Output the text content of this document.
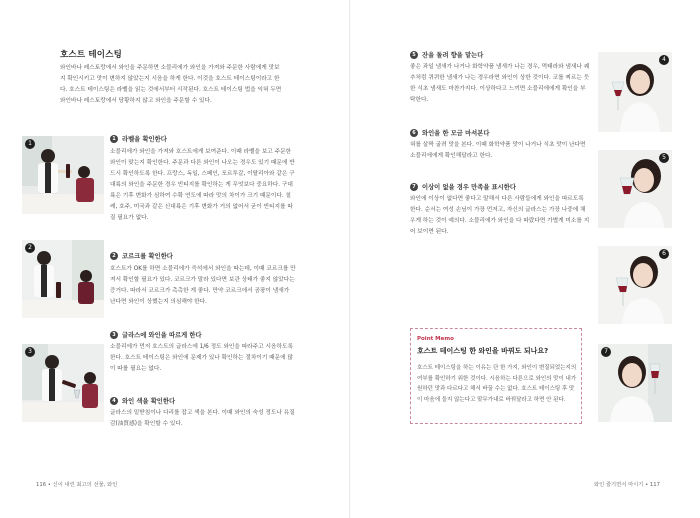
호스트 테이스팅

와인바나 레스토랑에서 와인을 주문하면 소믈리에가 와인을 가져와 주문한 사람에게 맛보지 확인시키고 맛이 변하지 않았는지 시음을 하게 한다. 이것을 호스트 테이스팅이라고 한다. 호스트 테이스팅은 라벨을 읽는 것에서부터 시작된다. 호스트 테이스팅 법을 익혀 두면 와인바나 레스토랑에서 당황하지 않고 와인을 주문할 수 있다.

1
1 라벨을 확인한다

소믈리에가 와인을 가져와 호스트에게 보여준다. 이때 라벨을 보고 주문한 와인이 맞는지 확인한다. 주문과 다른 와인이 나오는 경우도 있기 때문에 반드시 확인하도록 한다. 프랑스, 독일, 스페인, 포르투갈, 이탈리아와 같은 구대륙의 와인을 주문한 경우 빈티지를 확인하는 게 무엇보다 중요하다. 구대륙은 기후 변화가 심하여 수확 연도에 따라 맛의 차이가 크기 때문이다. 칠레, 호주, 미국과 같은 신대륙은 기후 변화가 거의 없어서 굳이 빈티지를 따질 필요가 없다.

2
2 코르크를 확인한다

호스트가 OK를 하면 소믈리에가 즉석에서 와인을 따는데, 이때 코르크를 만져서 확인할 필요가 있다. 코르크가 말라 있다면 보관 상태가 좋지 않았다는 증거다. 따라서 코르크가 촉촉한 게 좋다. 만약 코르크에서 곰팡이 냄새가 난다면 와인이 상했는지 의심해야 한다.

3
3 글라스에 와인을 따르게 한다

소믈리에가 먼저 호스트의 글라스에 1/6 정도 와인을 따라주고 시음하도록 한다. 호스트 테이스팅은 와인에 문제가 있나 확인하는 절차이기 때문에 많이 따를 필요는 없다.

4 와인 색을 확인한다

글라스의 밑받침이나 다리를 잡고 색을 본다. 이때 와인의 숙성 정도나 유질감(油質感)을 확인할 수 있다.

116 • 신이 내린 최고의 선물, 와인
5 잔을 돌려 향을 맡는다

좋은 과일 냄새가 나거나 화학약품 냄새가 나는 경우, 먹태라와 냄새나 퀘추처럼 퀴퀴한 냄새가 나는 경우라면 와인이 상한 것이다. 코를 찌르는 듯한 식초 냄새도 마찬가지다. 이상하다고 느끼면 소믈리에에게 확인을 부탁한다.

6 와인을 한 모금 마셔본다

혀를 살짝 굴려 맛을 본다. 이때 화학약품 맛이 나거나 식초 맛이 난다면 소믈리에에게 확인해달라고 한다.

7 이상이 없을 경우 만족을 표시한다

와인에 이상이 없다면 좋다고 말해서 다른 사람들에게 와인을 따르도록 한다. 순서는 여성 손님이 가장 먼저고, 자신의 글라스는 가장 나중에 채우게 하는 것이 예의다. 소믈리에가 와인을 다 따랐다면 가볍게 미소를 지어 보이면 된다.

Point Memo
호스트 테이스팅 한 와인을 바꿔도 되나요?

호스트 테이스팅을 하는 이유는 단 한 가지, 와인이 변질되었는지의 여부를 확인하기 위한 것이다. 시음하는 다른으로 와인의 맛이 내가 원하던 맛과 다르다고 해서 바꿀 수는 없다. 호스트 테이스팅 후 맛이 마음에 들지 않는다고 맞무가내로 바꿔달라고 하면 안 된다.

4
5
6
7
와인 즐기면서 마시기 • 117
